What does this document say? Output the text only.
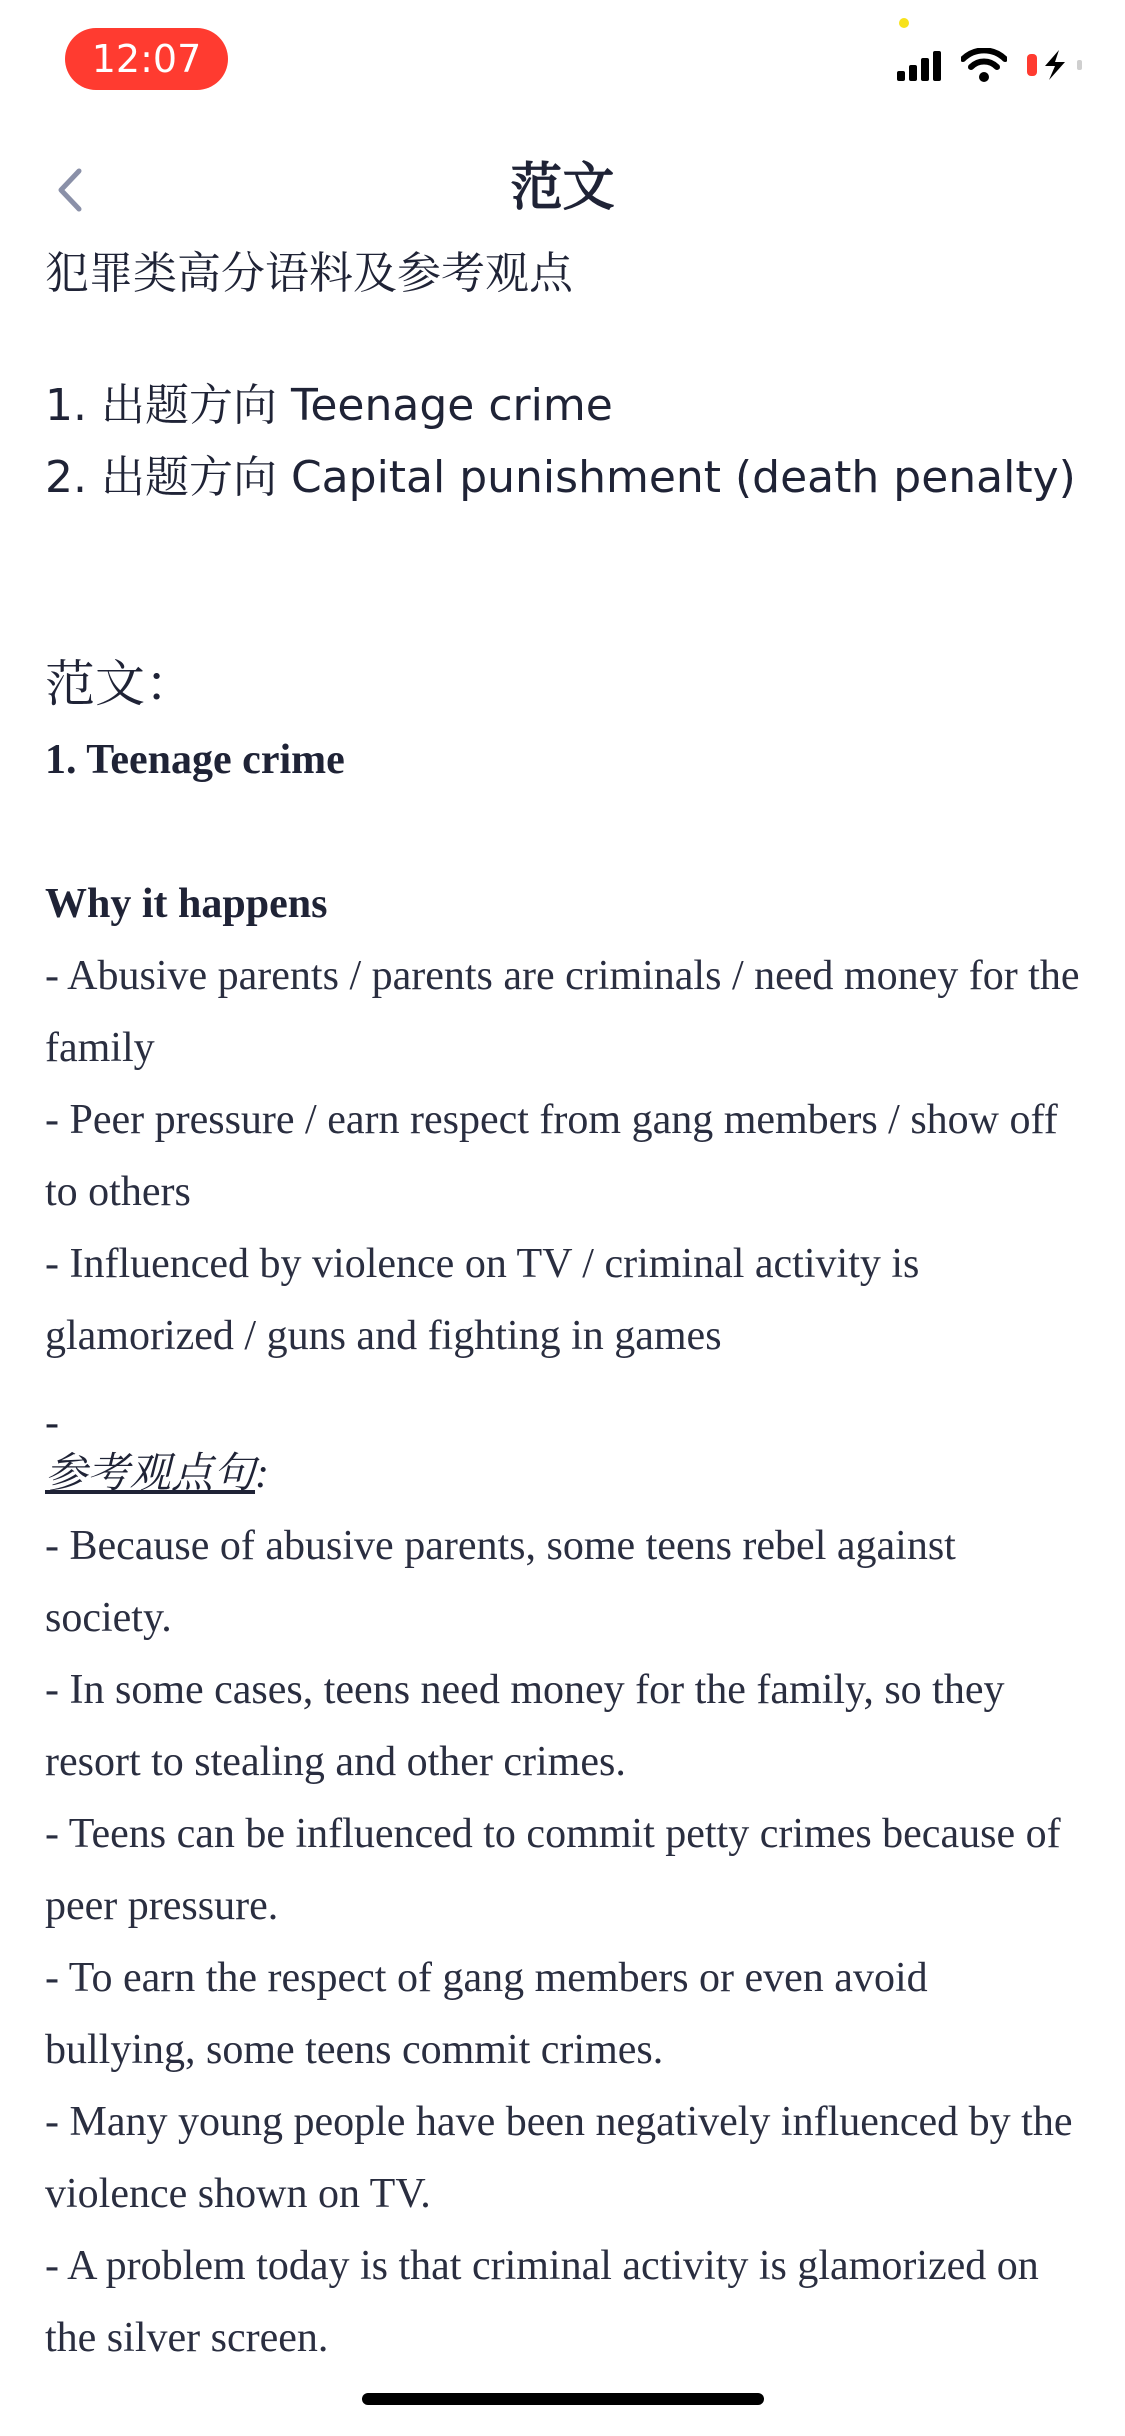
12:07
范文

犯罪类高分语料及参考观点

1. 出题方向 Teenage crime

2. 出题方向 Capital punishment (death penalty)

范文：

1. Teenage crime

Why it happens

- Abusive parents / parents are criminals / need money for the family

- Peer pressure / earn respect from gang members / show off to others

- Influenced by violence on TV / criminal activity is glamorized / guns and fighting in games

-

参考观点句:

- Because of abusive parents, some teens rebel against society.

- In some cases, teens need money for the family, so they resort to stealing and other crimes.

- Teens can be influenced to commit petty crimes because of peer pressure.

- To earn the respect of gang members or even avoid bullying, some teens commit crimes.

- Many young people have been negatively influenced by the violence shown on TV.

- A problem today is that criminal activity is glamorized on the silver screen.
